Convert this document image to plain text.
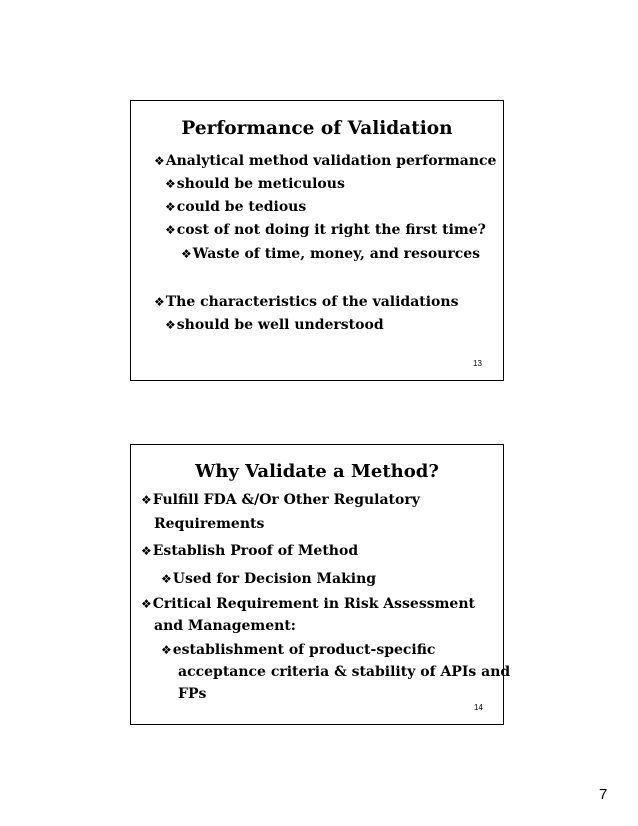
Performance of Validation
❖ Analytical method validation performance
❖ should be meticulous
❖ could be tedious
❖ cost of not doing it right the first time?
❖ Waste of time, money, and resources
❖ The characteristics of the validations
❖ should be well understood
13
Why Validate a Method?
❖ Fulfill FDA &/Or Other Regulatory
Requirements
❖ Establish Proof of Method
❖ Used for Decision Making
❖ Critical Requirement in Risk Assessment
and Management:
❖ establishment of product-specific
acceptance criteria & stability of APIs and
FPs
14
7
